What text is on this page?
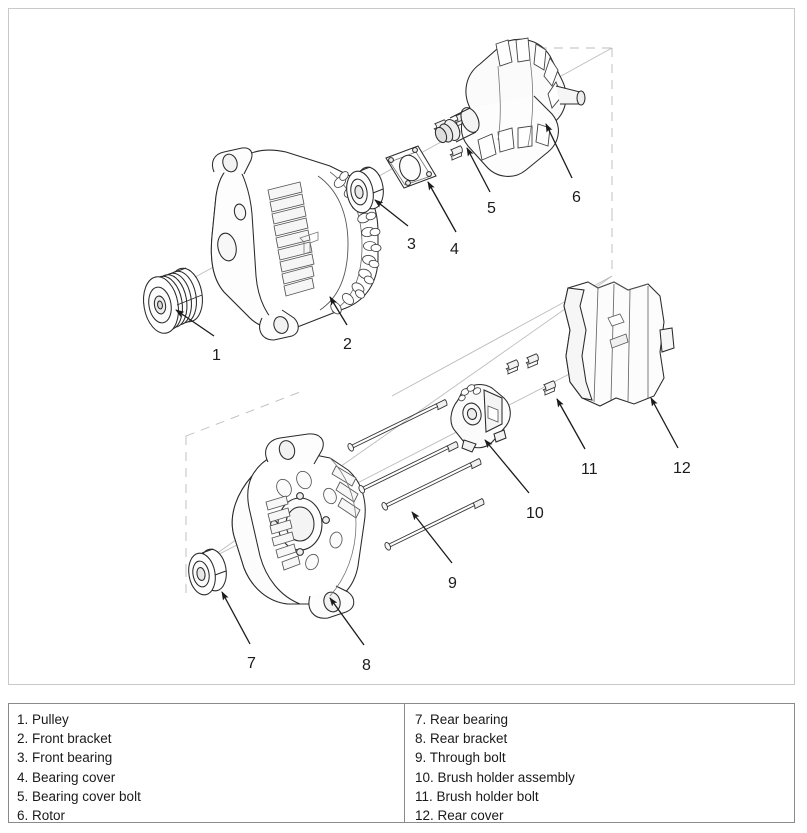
1
2
3 4
5
6
7	8
9
10
11	12
1. Pulley
2. Front bracket
3. Front bearing
4. Bearing cover
5. Bearing cover bolt
6. Rotor
7. Rear bearing
8. Rear bracket
9. Through bolt
10. Brush holder assembly
11. Brush holder bolt
12. Rear cover
